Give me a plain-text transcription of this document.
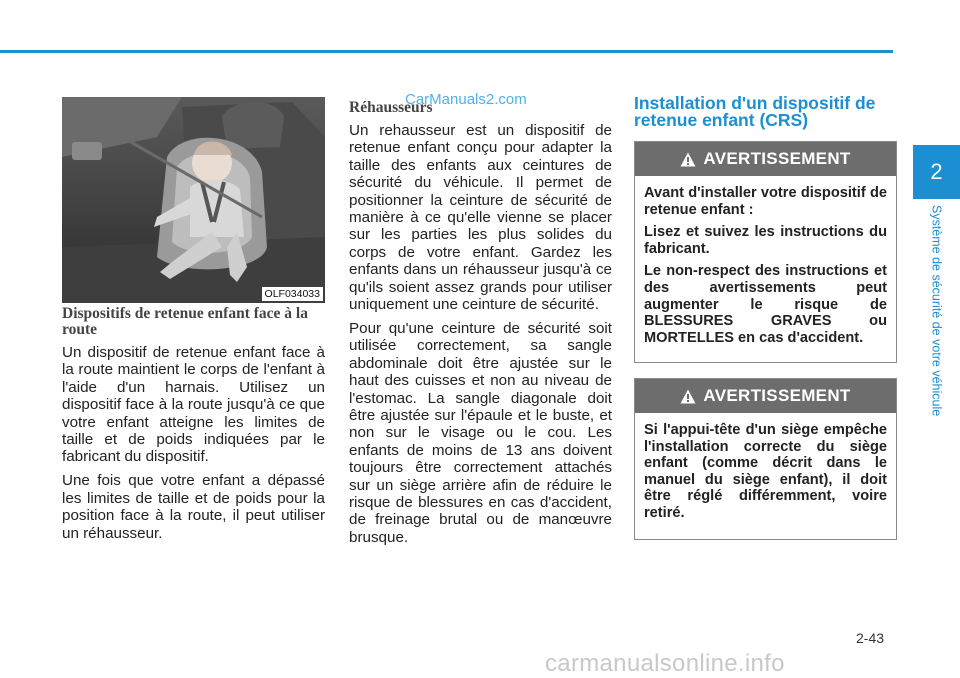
OLF034033
CarManuals2.com
Dispositifs de retenue enfant face à la route

Un dispositif de retenue enfant face à la route maintient le corps de l'enfant à l'aide d'un harnais. Utilisez un dispositif face à la route jusqu'à ce que votre enfant atteigne les limites de taille et de poids indiquées par le fabricant du dispositif.

Une fois que votre enfant a dépassé les limites de taille et de poids pour la position face à la route, il peut utiliser un réhausseur.

Réhausseurs

Un rehausseur est un dispositif de retenue enfant conçu pour adapter la taille des enfants aux ceintures de sécurité du véhicule. Il permet de positionner la ceinture de sécurité de manière à ce qu'elle vienne se placer sur les parties les plus solides du corps de votre enfant. Gardez les enfants dans un réhausseur jusqu'à ce qu'ils soient assez grands pour utiliser uniquement une ceinture de sécurité.

Pour qu'une ceinture de sécurité soit utilisée correctement, sa sangle abdominale doit être ajustée sur le haut des cuisses et non au niveau de l'estomac. La sangle diagonale doit être ajustée sur l'épaule et le buste, et non sur le visage ou le cou. Les enfants de moins de 13 ans doivent toujours être correctement attachés sur un siège arrière afin de réduire le risque de blessures en cas d'accident, de freinage brutal ou de manœuvre brusque.

Installation d'un dispositif de retenue enfant (CRS)
AVERTISSEMENT

Avant d'installer votre dispositif de retenue enfant :

Lisez et suivez les instructions du fabricant.

Le non-respect des instructions et des avertissements peut augmenter le risque de BLESSURES GRAVES ou MORTELLES en cas d'accident.

AVERTISSEMENT

Si l'appui-tête d'un siège empêche l'installation correcte du siège enfant (comme décrit dans le manuel du siège enfant), il doit être réglé différemment, voire retiré.

2
Système de sécurité de votre véhicule
2-43
carmanualsonline.info
